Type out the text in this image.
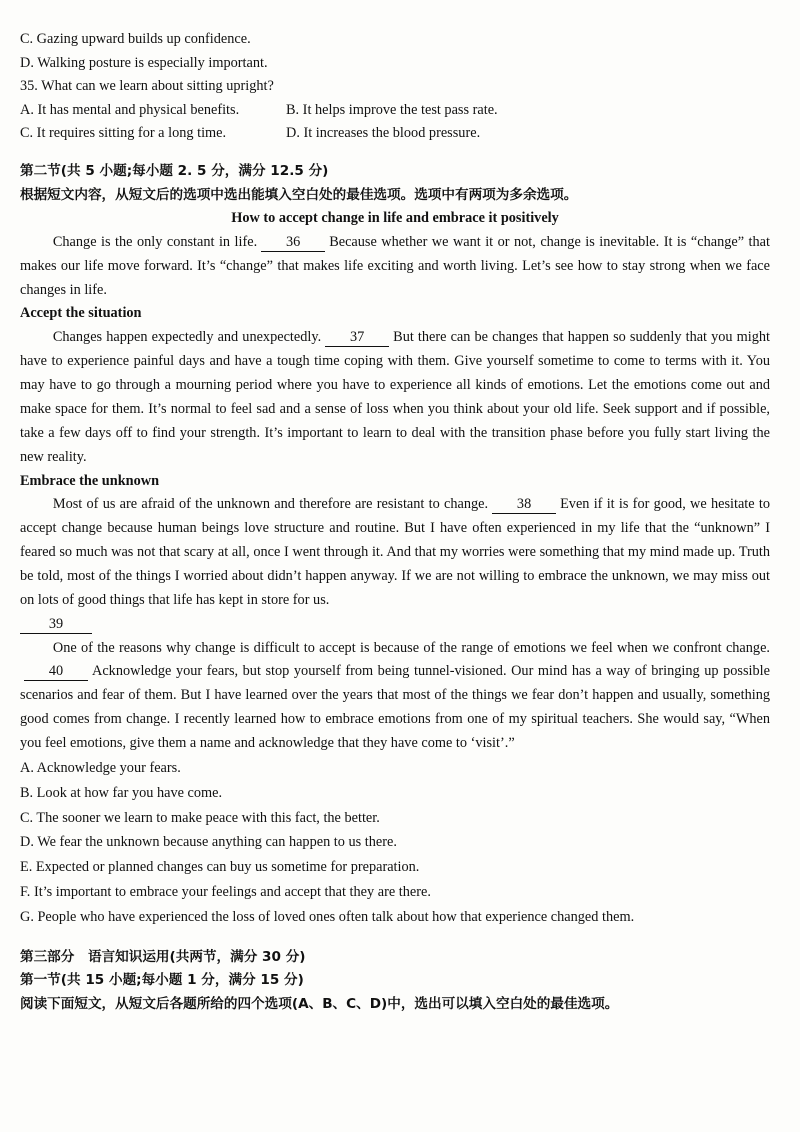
C. Gazing upward builds up confidence.
D. Walking posture is especially important.
35. What can we learn about sitting upright?
A. It has mental and physical benefits.	B. It helps improve the test pass rate.
C. It requires sitting for a long time.	D. It increases the blood pressure.
第二节(共 5 小题;每小题 2. 5 分，满分 12.5 分)
根据短文内容，从短文后的选项中选出能填入空白处的最佳选项。选项中有两项为多余选项。
How to accept change in life and embrace it positively
Change is the only constant in life. 36 Because whether we want it or not, change is inevitable. It is “change” that makes our life move forward. It’s “change” that makes life exciting and worth living. Let’s see how to stay strong when we face changes in life.
Accept the situation
Changes happen expectedly and unexpectedly. 37 But there can be changes that happen so suddenly that you might have to experience painful days and have a tough time coping with them. Give yourself sometime to come to terms with it. You may have to go through a mourning period where you have to experience all kinds of emotions. Let the emotions come out and make space for them. It’s normal to feel sad and a sense of loss when you think about your old life. Seek support and if possible, take a few days off to find your strength. It’s important to learn to deal with the transition phase before you fully start living the new reality.
Embrace the unknown
Most of us are afraid of the unknown and therefore are resistant to change. 38 Even if it is for good, we hesitate to accept change because human beings love structure and routine. But I have often experienced in my life that the “unknown” I feared so much was not that scary at all, once I went through it. And that my worries were something that my mind made up. Truth be told, most of the things I worried about didn’t happen anyway. If we are not willing to embrace the unknown, we may miss out on lots of good things that life has kept in store for us.
39
One of the reasons why change is difficult to accept is because of the range of emotions we feel when we confront change.40 Acknowledge your fears, but stop yourself from being tunnel-visioned. Our mind has a way of bringing up possible scenarios and fear of them. But I have learned over the years that most of the things we fear don’t happen and usually, something good comes from change. I recently learned how to embrace emotions from one of my spiritual teachers. She would say, “When you feel emotions, give them a name and acknowledge that they have come to ‘visit’.”
A. Acknowledge your fears.
B. Look at how far you have come.
C. The sooner we learn to make peace with this fact, the better.
D. We fear the unknown because anything can happen to us there.
E. Expected or planned changes can buy us sometime for preparation.
F. It’s important to embrace your feelings and accept that they are there.
G. People who have experienced the loss of loved ones often talk about how that experience changed them.
第三部分　语言知识运用(共两节，满分 30 分)
第一节(共 15 小题;每小题 1 分，满分 15 分)
阅读下面短文，从短文后各题所给的四个选项(A、B、C、D)中，选出可以填入空白处的最佳选项。
